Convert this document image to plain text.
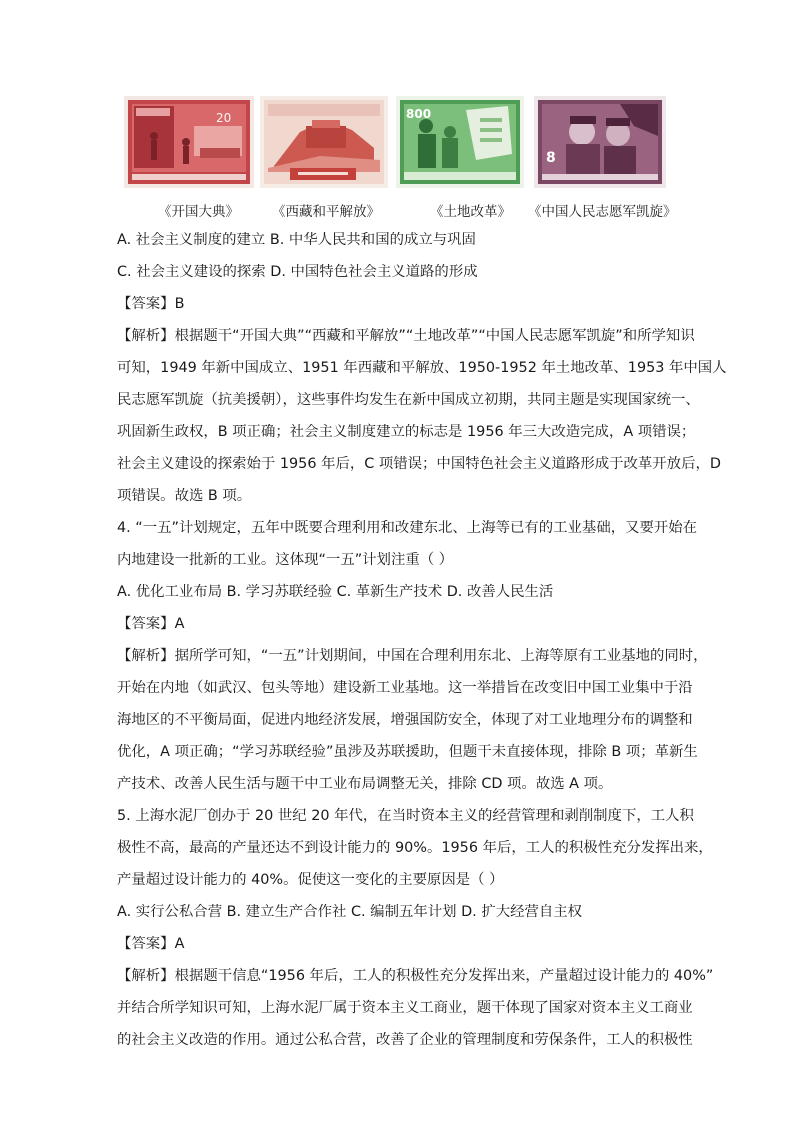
20	800
8
《开国大典》 《西藏和平解放》	《土地改革》 《中国人民志愿军凯旋》
A. 社会主义制度的建立 B. 中华人民共和国的成立与巩固
C. 社会主义建设的探索 D. 中国特色社会主义道路的形成
【答案】B
【解析】根据题干“开国大典”“西藏和平解放”“土地改革”“中国人民志愿军凯旋”和所学知识
可知，1949 年新中国成立、1951 年西藏和平解放、1950-1952 年土地改革、1953 年中国人
民志愿军凯旋（抗美援朝），这些事件均发生在新中国成立初期，共同主题是实现国家统一、
巩固新生政权，B 项正确；社会主义制度建立的标志是 1956 年三大改造完成，A 项错误；
社会主义建设的探索始于 1956 年后，C 项错误；中国特色社会主义道路形成于改革开放后，D
项错误。故选 B 项。
4. “一五”计划规定，五年中既要合理利用和改建东北、上海等已有的工业基础，又要开始在
内地建设一批新的工业。这体现“一五”计划注重（ ）
A. 优化工业布局 B. 学习苏联经验 C. 革新生产技术 D. 改善人民生活
【答案】A
【解析】据所学可知，“一五”计划期间，中国在合理利用东北、上海等原有工业基地的同时，
开始在内地（如武汉、包头等地）建设新工业基地。这一举措旨在改变旧中国工业集中于沿
海地区的不平衡局面，促进内地经济发展，增强国防安全，体现了对工业地理分布的调整和
优化，A 项正确；“学习苏联经验”虽涉及苏联援助，但题干未直接体现，排除 B 项；革新生
产技术、改善人民生活与题干中工业布局调整无关，排除 CD 项。故选 A 项。
5. 上海水泥厂创办于 20 世纪 20 年代，在当时资本主义的经营管理和剥削制度下，工人积
极性不高，最高的产量还达不到设计能力的 90%。1956 年后，工人的积极性充分发挥出来，
产量超过设计能力的 40%。促使这一变化的主要原因是（ ）
A. 实行公私合营 B. 建立生产合作社 C. 编制五年计划 D. 扩大经营自主权
【答案】A
【解析】根据题干信息“1956 年后，工人的积极性充分发挥出来，产量超过设计能力的 40%”
并结合所学知识可知，上海水泥厂属于资本主义工商业，题干体现了国家对资本主义工商业
的社会主义改造的作用。通过公私合营，改善了企业的管理制度和劳保条件，工人的积极性
